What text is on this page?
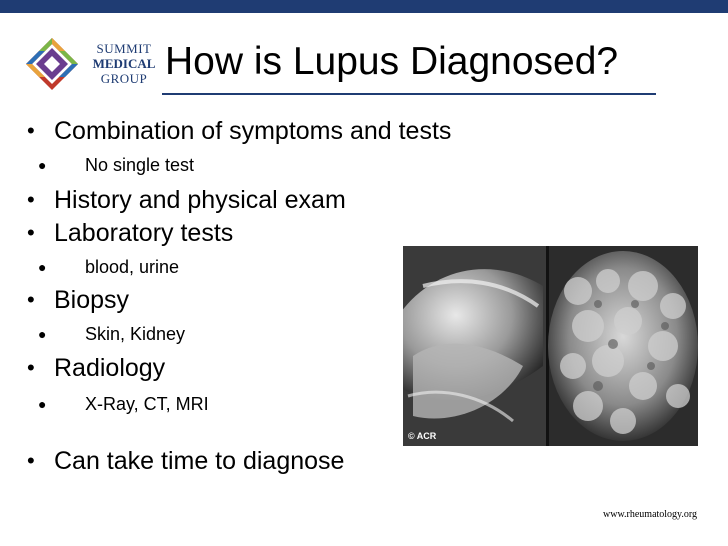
SUMMIT
MEDICAL
GROUP How is Lupus Diagnosed?
• Combination of symptoms and tests
● No single test
• History and physical exam
• Laboratory tests
● blood, urine
• Biopsy
● Skin, Kidney
• Radiology
● X-Ray, CT, MRI
• Can take time to diagnose
© ACR
www.rheumatology.org
